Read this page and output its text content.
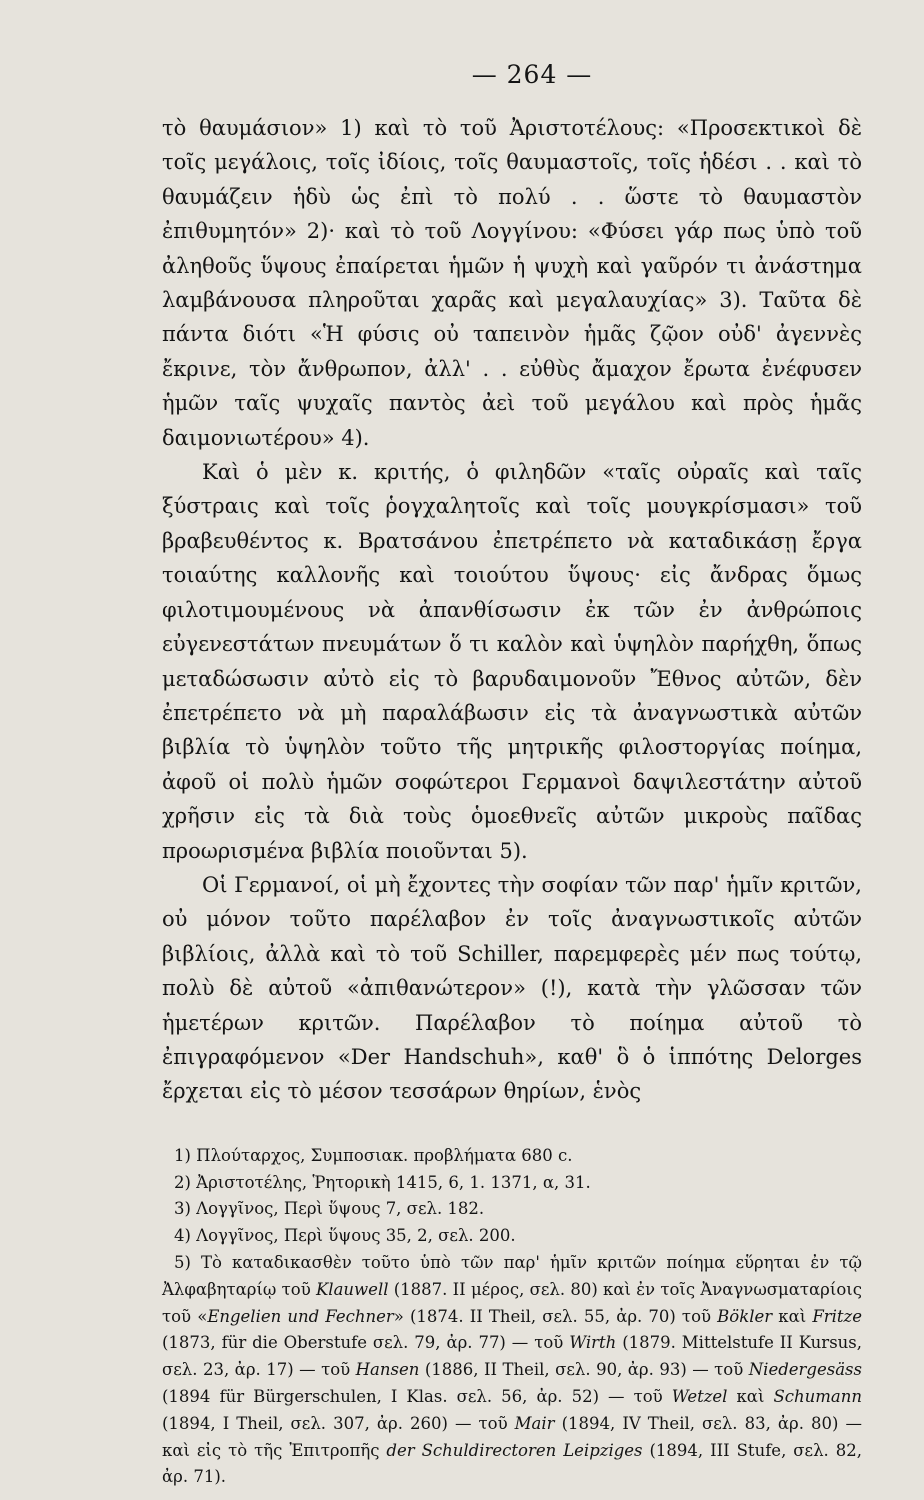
— 264 —

τὸ θαυμάσιον» 1) καὶ τὸ τοῦ Ἀριστοτέλους: «Προσεκτικοὶ δὲ τοῖς μεγάλοις, τοῖς ἰδίοις, τοῖς θαυμαστοῖς, τοῖς ἡδέσι . . καὶ τὸ θαυμάζειν ἡδὺ ὡς ἐπὶ τὸ πολύ . . ὥστε τὸ θαυμαστὸν ἐπιθυμητόν» 2)· καὶ τὸ τοῦ Λογγίνου: «Φύσει γάρ πως ὑπὸ τοῦ ἀληθοῦς ὕψους ἐπαίρεται ἡμῶν ἡ ψυχὴ καὶ γαῦρόν τι ἀνάστημα λαμβάνουσα πληροῦται χαρᾶς καὶ μεγαλαυχίας» 3). Ταῦτα δὲ πάντα διότι «Ἡ φύσις οὐ ταπεινὸν ἡμᾶς ζῷον οὐδ' ἀγεννὲς ἔκρινε, τὸν ἄνθρωπον, ἀλλ' . . εὐθὺς ἄμαχον ἔρωτα ἐνέφυσεν ἡμῶν ταῖς ψυχαῖς παντὸς ἀεὶ τοῦ μεγάλου καὶ πρὸς ἡμᾶς δαιμονιωτέρου» 4).

Καὶ ὁ μὲν κ. κριτής, ὁ φιληδῶν «ταῖς οὐραῖς καὶ ταῖς ξύστραις καὶ τοῖς ῥογχαλητοῖς καὶ τοῖς μουγκρίσμασι» τοῦ βραβευθέντος κ. Βρατσάνου ἐπετρέπετο νὰ καταδικάσῃ ἔργα τοιαύτης καλλονῆς καὶ τοιούτου ὕψους· εἰς ἄνδρας ὅμως φιλοτιμουμένους νὰ ἀπανθίσωσιν ἐκ τῶν ἐν ἀνθρώποις εὐγενεστάτων πνευμάτων ὅ τι καλὸν καὶ ὑψηλὸν παρήχθη, ὅπως μεταδώσωσιν αὐτὸ εἰς τὸ βαρυδαιμονοῦν Ἔθνος αὐτῶν, δὲν ἐπετρέπετο νὰ μὴ παραλάβωσιν εἰς τὰ ἀναγνωστικὰ αὐτῶν βιβλία τὸ ὑψηλὸν τοῦτο τῆς μητρικῆς φιλοστοργίας ποίημα, ἀφοῦ οἱ πολὺ ἡμῶν σοφώτεροι Γερμανοὶ δαψιλεστάτην αὐτοῦ χρῆσιν εἰς τὰ διὰ τοὺς ὁμοεθνεῖς αὐτῶν μικροὺς παῖδας προωρισμένα βιβλία ποιοῦνται 5).

Οἱ Γερμανοί, οἱ μὴ ἔχοντες τὴν σοφίαν τῶν παρ' ἡμῖν κριτῶν, οὐ μόνον τοῦτο παρέλαβον ἐν τοῖς ἀναγνωστικοῖς αὐτῶν βιβλίοις, ἀλλὰ καὶ τὸ τοῦ Schiller, παρεμφερὲς μέν πως τούτῳ, πολὺ δὲ αὐτοῦ «ἀπιθανώτερον» (!), κατὰ τὴν γλῶσσαν τῶν ἡμετέρων κριτῶν. Παρέλαβον τὸ ποίημα αὐτοῦ τὸ ἐπιγραφόμενον «Der Handschuh», καθ' ὃ ὁ ἱππότης Delorges ἔρχεται εἰς τὸ μέσον τεσσάρων θηρίων, ἑνὸς

1) Πλούταρχος, Συμποσιακ. προβλήματα 680 c.

2) Ἀριστοτέλης, Ῥητορικὴ 1415, 6, 1. 1371, α, 31.

3) Λογγῖνος, Περὶ ὕψους 7, σελ. 182.

4) Λογγῖνος, Περὶ ὕψους 35, 2, σελ. 200.

5) Τὸ καταδικασθὲν τοῦτο ὑπὸ τῶν παρ' ἡμῖν κριτῶν ποίημα εὕρηται ἐν τῷ Ἀλφαβηταρίῳ τοῦ Klauwell (1887. II μέρος, σελ. 80) καὶ ἐν τοῖς Ἀναγνωσματαρίοις τοῦ «Engelien und Fechner» (1874. II Theil, σελ. 55, ἀρ. 70) τοῦ Bökler καὶ Fritze (1873, für die Oberstufe σελ. 79, ἀρ. 77) — τοῦ Wirth (1879. Mittelstufe II Kursus, σελ. 23, ἀρ. 17) — τοῦ Hansen (1886, II Theil, σελ. 90, ἀρ. 93) — τοῦ Niedergesäss (1894 für Bürgerschulen, I Klas. σελ. 56, ἀρ. 52) — τοῦ Wetzel καὶ Schumann (1894, I Theil, σελ. 307, ἀρ. 260) — τοῦ Mair (1894, IV Theil, σελ. 83, ἀρ. 80) — καὶ εἰς τὸ τῆς Ἐπιτροπῆς der Schuldirectoren Leipziges (1894, III Stufe, σελ. 82, ἀρ. 71).
